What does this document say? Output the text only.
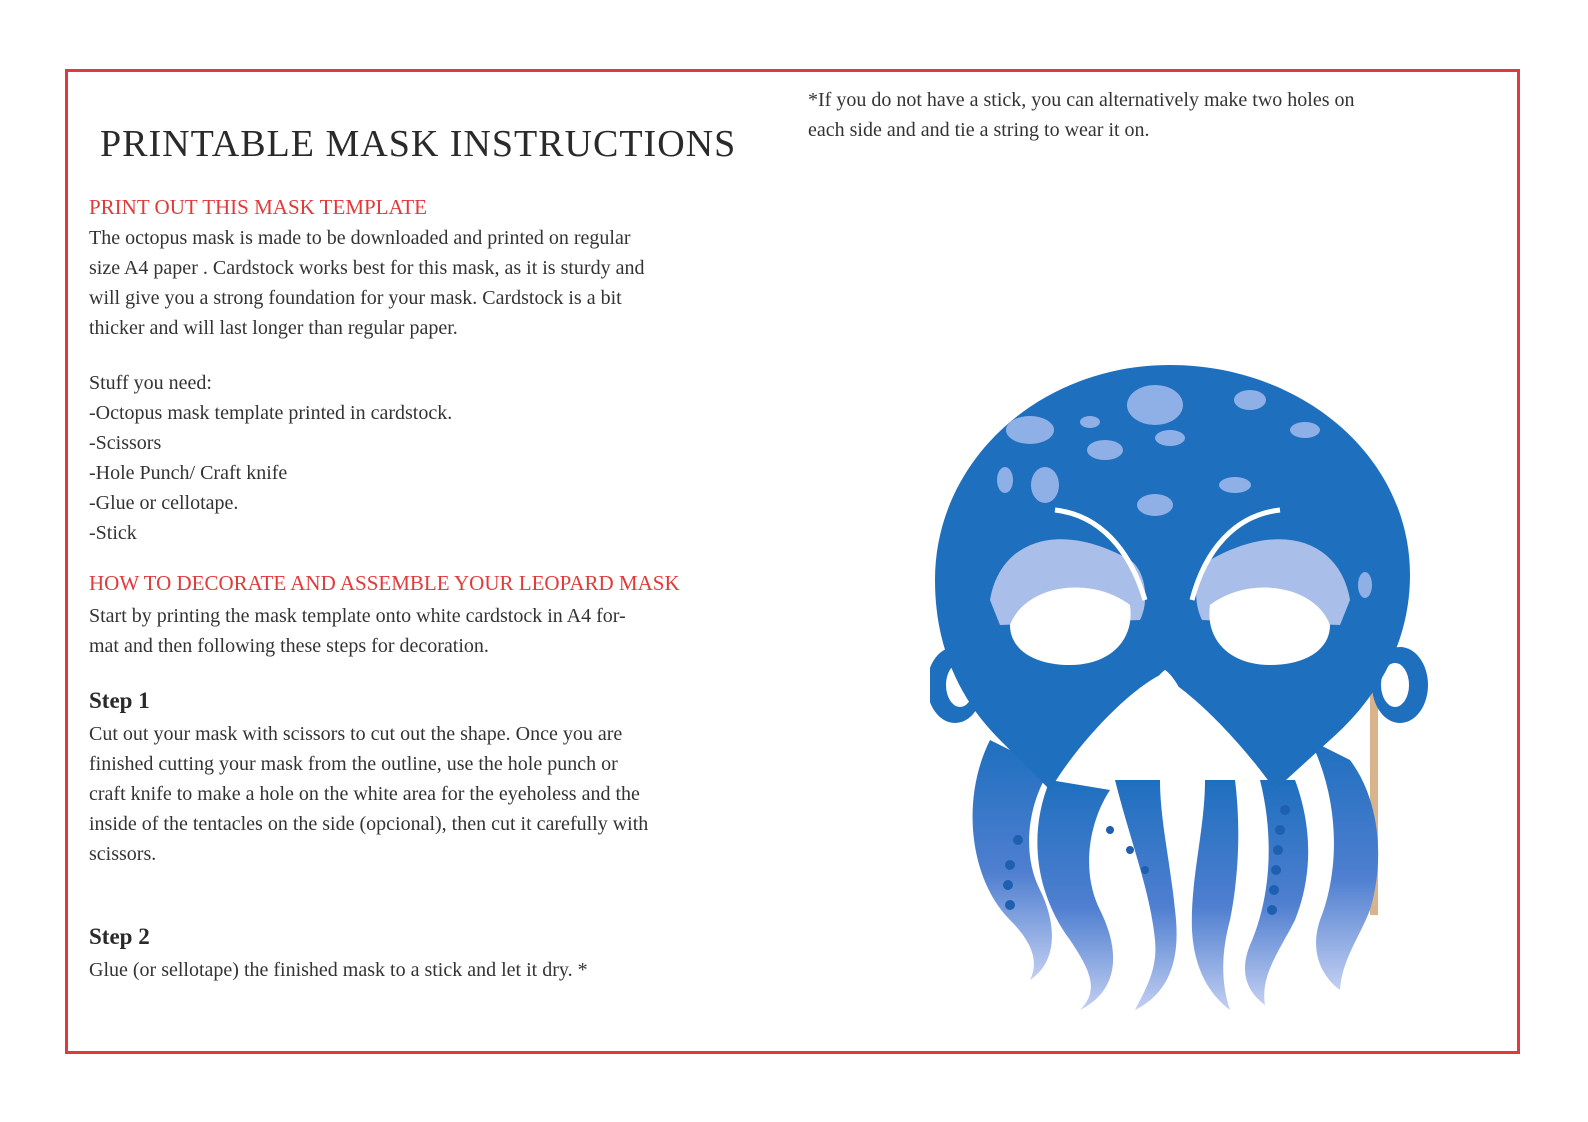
PRINTABLE MASK INSTRUCTIONS

*If you do not have a stick, you can alternatively make two holes on
each side and and tie a string to wear it on.

PRINT OUT THIS MASK TEMPLATE

The octopus mask is made to be downloaded and printed on regular
size A4 paper . Cardstock works best for this mask, as it is sturdy and
will give you a strong foundation for your mask. Cardstock is a bit
thicker and will last longer than regular paper.

Stuff you need:
-Octopus mask template printed in cardstock.
-Scissors
-Hole Punch/ Craft knife
-Glue or cellotape.
-Stick
HOW TO DECORATE AND ASSEMBLE YOUR LEOPARD MASK

Start by printing the mask template onto white cardstock in A4 for-
mat and then following these steps for decoration.

Step 1

Cut out your mask with scissors to cut out the shape. Once you are
finished cutting your mask from the outline, use the hole punch or
craft knife to make a hole on the white area for the eyeholess and the
inside of the tentacles on the side (opcional), then cut it carefully with
scissors.

Step 2

Glue (or sellotape) the finished mask to a stick and let it dry. *
